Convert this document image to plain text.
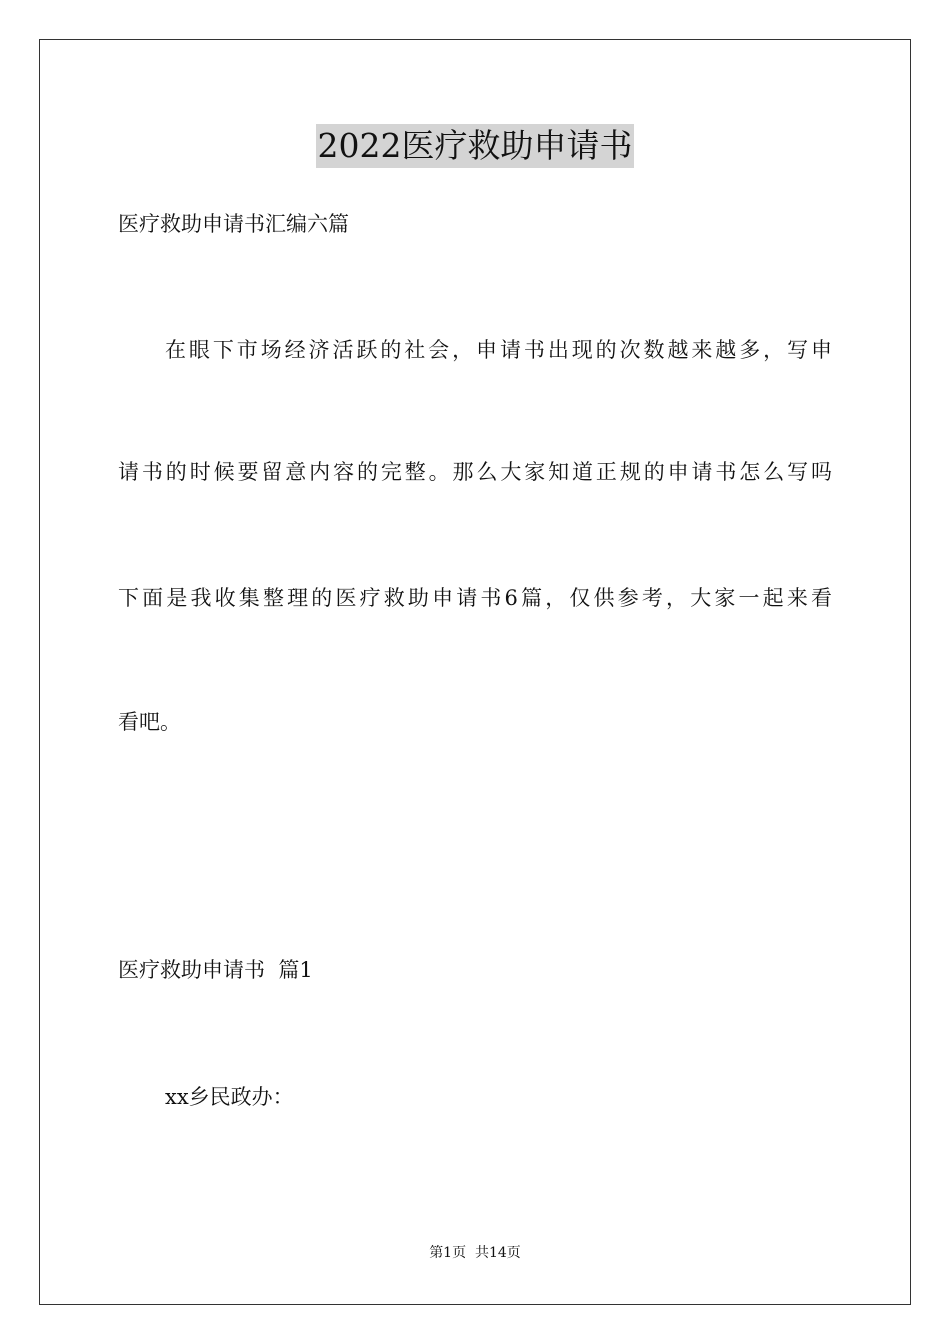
2022医疗救助申请书
医疗救助申请书汇编六篇
在眼下市场经济活跃的社会，申请书出现的次数越来越多，写申
请书的时候要留意内容的完整。那么大家知道正规的申请书怎么写吗
下面是我收集整理的医疗救助申请书6篇，仅供参考，大家一起来看
看吧。
医疗救助申请书  篇1
xx乡民政办：
第1页  共14页
